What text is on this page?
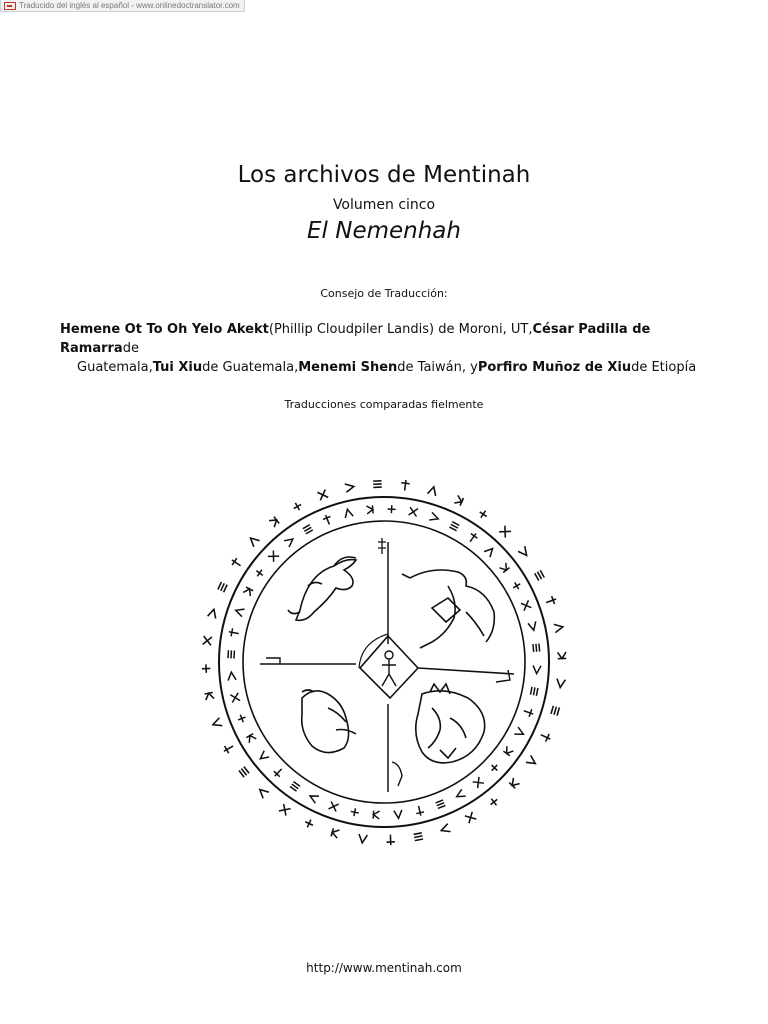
Traducido del inglés al español - www.onlinedoctranslator.com
Los archivos de Mentinah
Volumen cinco
El Nemenhah
Consejo de Traducción:
Hemene Ot To Oh Yelo Akekt(Phillip Cloudpiler Landis) de Moroni, UT,César Padilla de Ramarrade
Guatemala,Tui Xiude Guatemala,Menemi Shende Taiwán, yPorfiro Muñoz de Xiude Etiopía
Traducciones comparadas fielmente
http://www.mentinah.com
